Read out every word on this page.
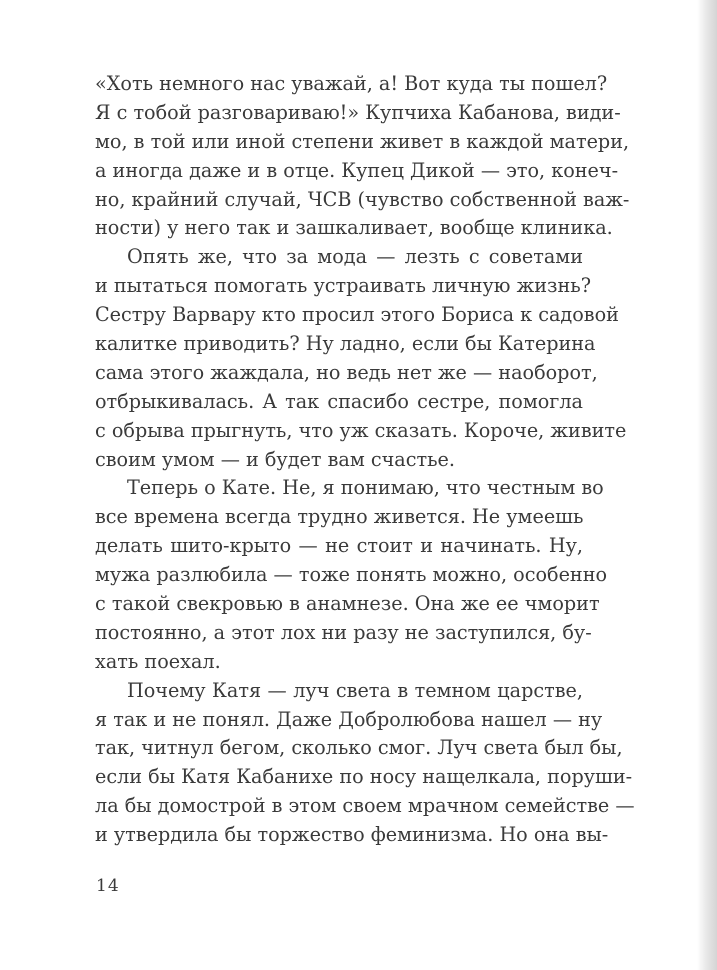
«Хоть немного нас уважай, а! Вот куда ты пошел?
Я с тобой разговариваю!» Купчиха Кабанова, види-
мо, в той или иной степени живет в каждой матери,
а иногда даже и в отце. Купец Дикой — это, конеч-
но, крайний случай, ЧСВ (чувство собственной важ-
ности) у него так и зашкаливает, вообще клиника.
Опять же, что за мода — лезть с советами
и пытаться помогать устраивать личную жизнь?
Сестру Варвару кто просил этого Бориса к садовой
калитке приводить? Ну ладно, если бы Катерина
сама этого жаждала, но ведь нет же — наоборот,
отбрыкивалась. А так спасибо сестре, помогла
с обрыва прыгнуть, что уж сказать. Короче, живите
своим умом — и будет вам счастье.
Теперь о Кате. Не, я понимаю, что честным во
все времена всегда трудно живется. Не умеешь
делать шито-крыто — не стоит и начинать. Ну,
мужа разлюбила — тоже понять можно, особенно
с такой свекровью в анамнезе. Она же ее чморит
постоянно, а этот лох ни разу не заступился, бу-
хать поехал.
Почему Катя — луч света в темном царстве,
я так и не понял. Даже Добролюбова нашел — ну
так, читнул бегом, сколько смог. Луч света был бы,
если бы Катя Кабанихе по носу нащелкала, поруши-
ла бы домострой в этом своем мрачном семействе —
и утвердила бы торжество феминизма. Но она вы-
14
